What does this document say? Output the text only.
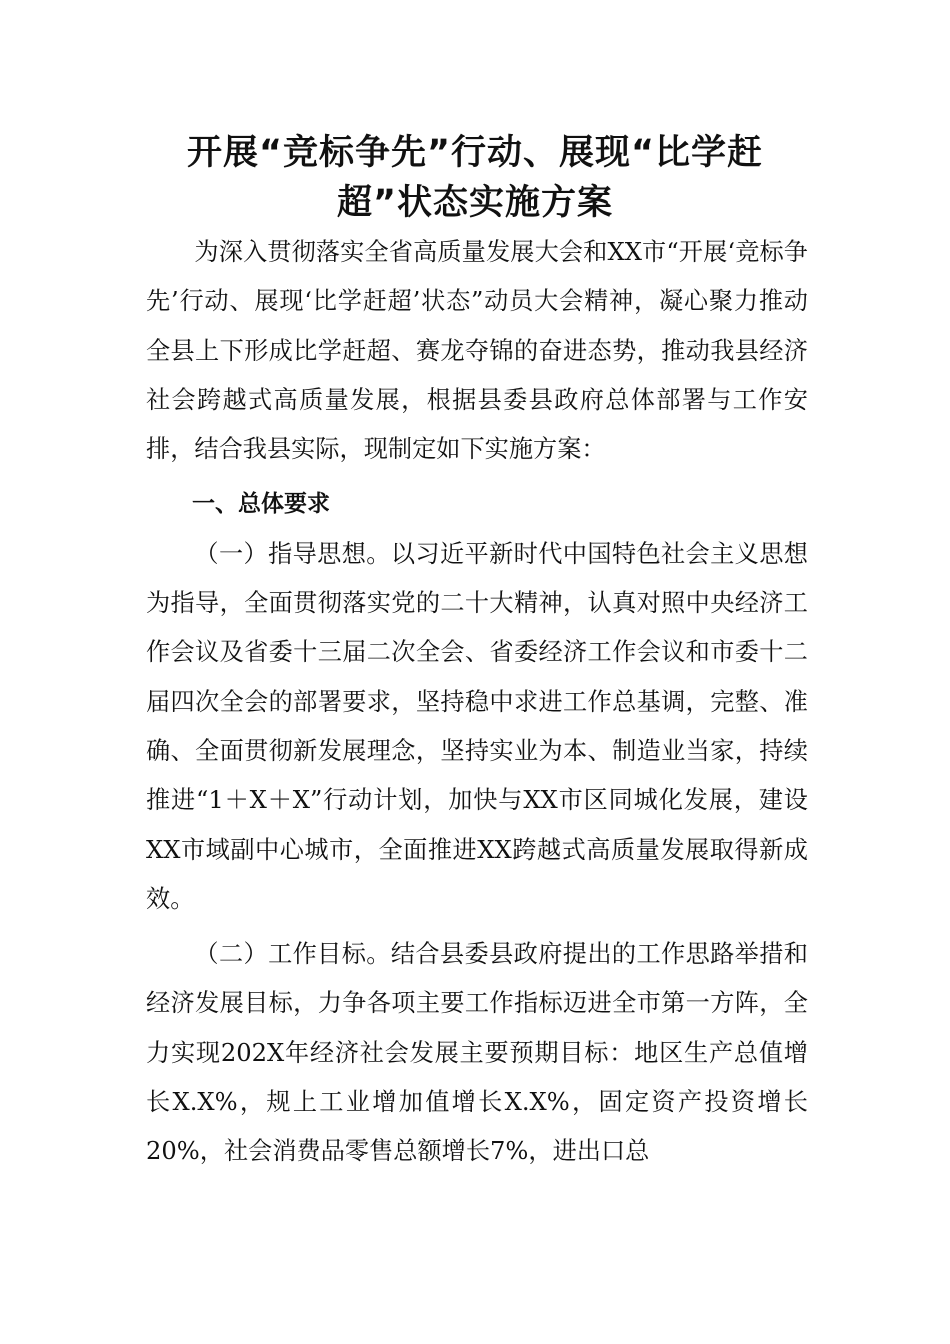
开展“竞标争先”行动、展现“比学赶
超”状态实施方案

为深入贯彻落实全省高质量发展大会和XX市“开展‘竞标争先’行动、展现‘比学赶超’状态”动员大会精神，凝心聚力推动全县上下形成比学赶超、赛龙夺锦的奋进态势，推动我县经济社会跨越式高质量发展，根据县委县政府总体部署与工作安排，结合我县实际，现制定如下实施方案：

一、总体要求

（一）指导思想。以习近平新时代中国特色社会主义思想为指导，全面贯彻落实党的二十大精神，认真对照中央经济工作会议及省委十三届二次全会、省委经济工作会议和市委十二届四次全会的部署要求，坚持稳中求进工作总基调，完整、准确、全面贯彻新发展理念，坚持实业为本、制造业当家，持续推进“1＋X＋X”行动计划，加快与XX市区同城化发展，建设XX市域副中心城市，全面推进XX跨越式高质量发展取得新成效。

（二）工作目标。结合县委县政府提出的工作思路举措和经济发展目标，力争各项主要工作指标迈进全市第一方阵，全力实现202X年经济社会发展主要预期目标：地区生产总值增长X.X%，规上工业增加值增长X.X%，固定资产投资增长20%，社会消费品零售总额增长7%，进出口总
